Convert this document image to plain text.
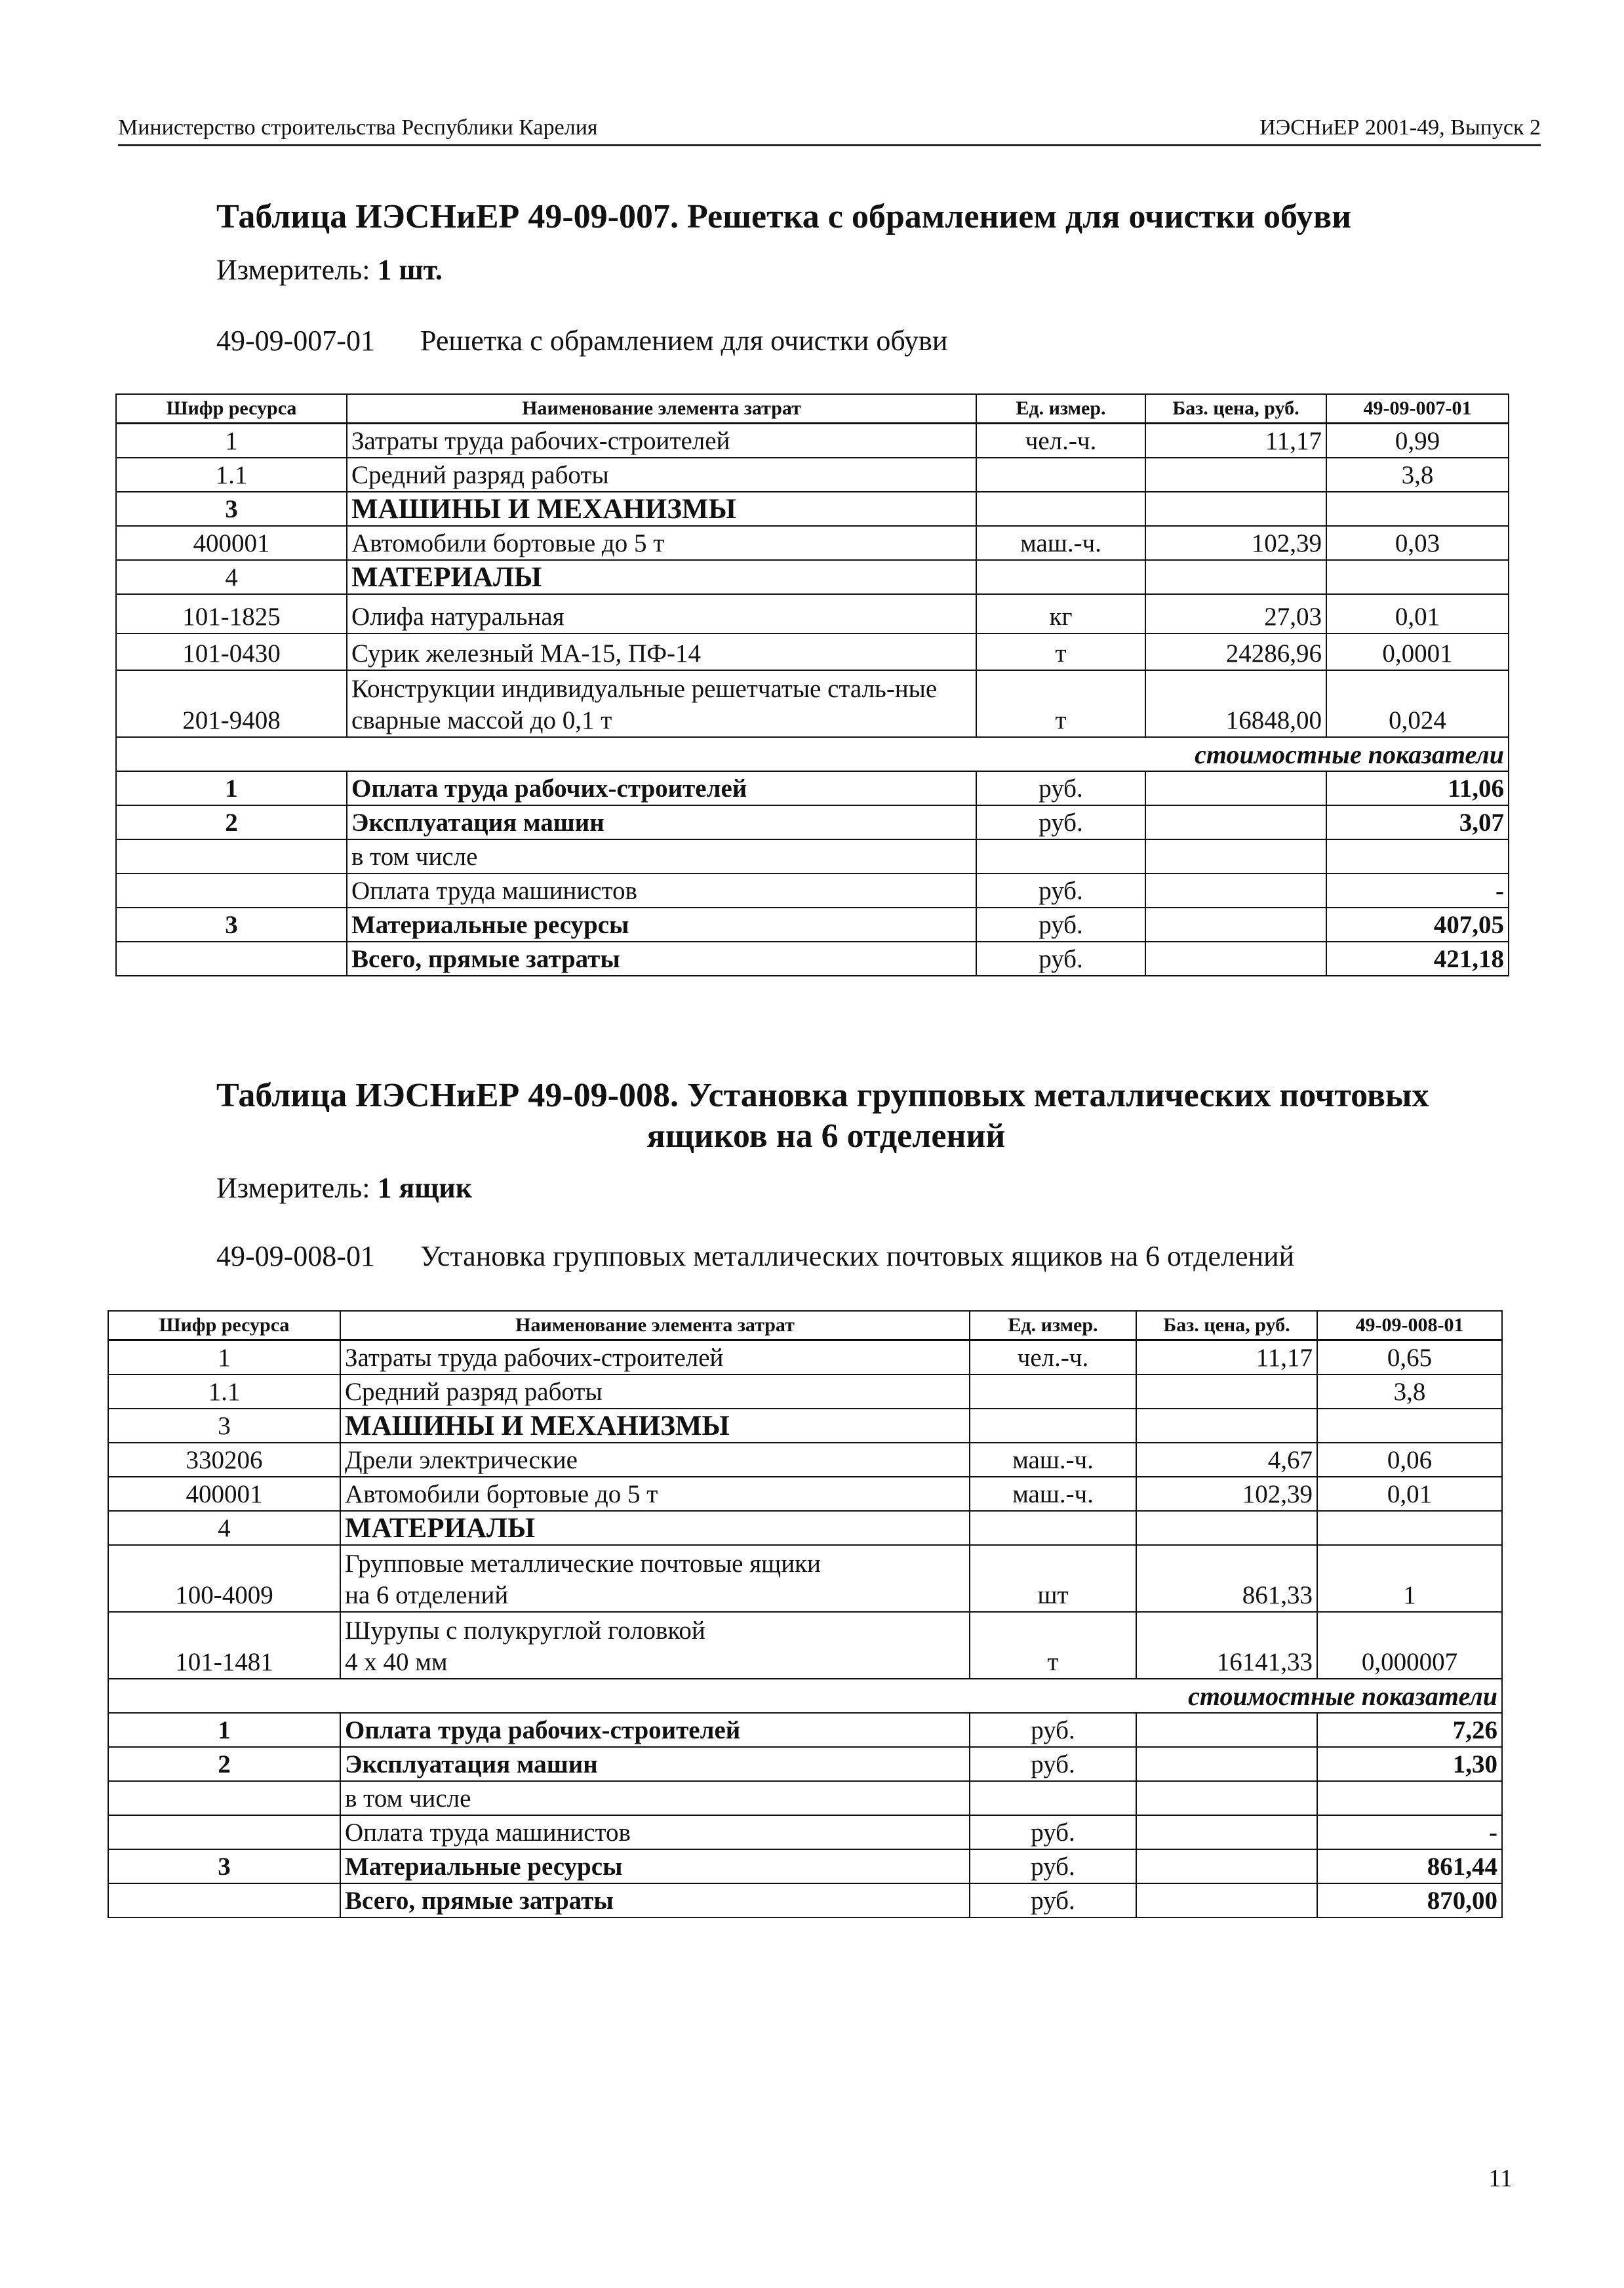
Министерство строительства Республики Карелия	ИЭСНиЕР 2001-49, Выпуск 2
Таблица ИЭСНиЕР 49-09-007. Решетка с обрамлением для очистки обуви
Измеритель: 1 шт.
49-09-007-01 Решетка с обрамлением для очистки обуви
Шифр ресурса	Наименование элемента затрат	Ед. измер.	Баз. цена, руб.	49-09-007-01
1	Затраты труда рабочих-строителей	чел.-ч.	11,17	0,99
1.1	Средний разряд работы			3,8
3	МАШИНЫ И МЕХАНИЗМЫ			
400001	Автомобили бортовые до 5 т	маш.-ч.	102,39	0,03
4	МАТЕРИАЛЫ			
101-1825	Олифа натуральная	кг	27,03	0,01
101-0430	Сурик железный МА-15, ПФ-14	т	24286,96	0,0001
201-9408	Конструкции индивидуальные решетчатые сталь-ные сварные массой до 0,1 т	т	16848,00	0,024
стоимостные показатели				
1	Оплата труда рабочих-строителей	руб.		11,06
2	Эксплуатация машин	руб.		3,07
	в том числе			
	Оплата труда машинистов	руб.		-
3	Материальные ресурсы	руб.		407,05
	Всего, прямые затраты	руб.		421,18
Таблица ИЭСНиЕР 49-09-008. Установка групповых металлических почтовых
ящиков на 6 отделений
Измеритель: 1 ящик
49-09-008-01 Установка групповых металлических почтовых ящиков на 6 отделений
Шифр ресурса	Наименование элемента затрат	Ед. измер.	Баз. цена, руб.	49-09-008-01
1	Затраты труда рабочих-строителей	чел.-ч.	11,17	0,65
1.1	Средний разряд работы			3,8
3	МАШИНЫ И МЕХАНИЗМЫ			
330206	Дрели электрические	маш.-ч.	4,67	0,06
400001	Автомобили бортовые до 5 т	маш.-ч.	102,39	0,01
4	МАТЕРИАЛЫ			
100-4009	Групповые металлические почтовые ящики на 6 отделений	шт	861,33	1
101-1481	Шурупы с полукруглой головкой 4 х 40 мм	т	16141,33	0,000007
стоимостные показатели				
1	Оплата труда рабочих-строителей	руб.		7,26
2	Эксплуатация машин	руб.		1,30
	в том числе			
	Оплата труда машинистов	руб.		-
3	Материальные ресурсы	руб.		861,44
	Всего, прямые затраты	руб.		870,00
11
